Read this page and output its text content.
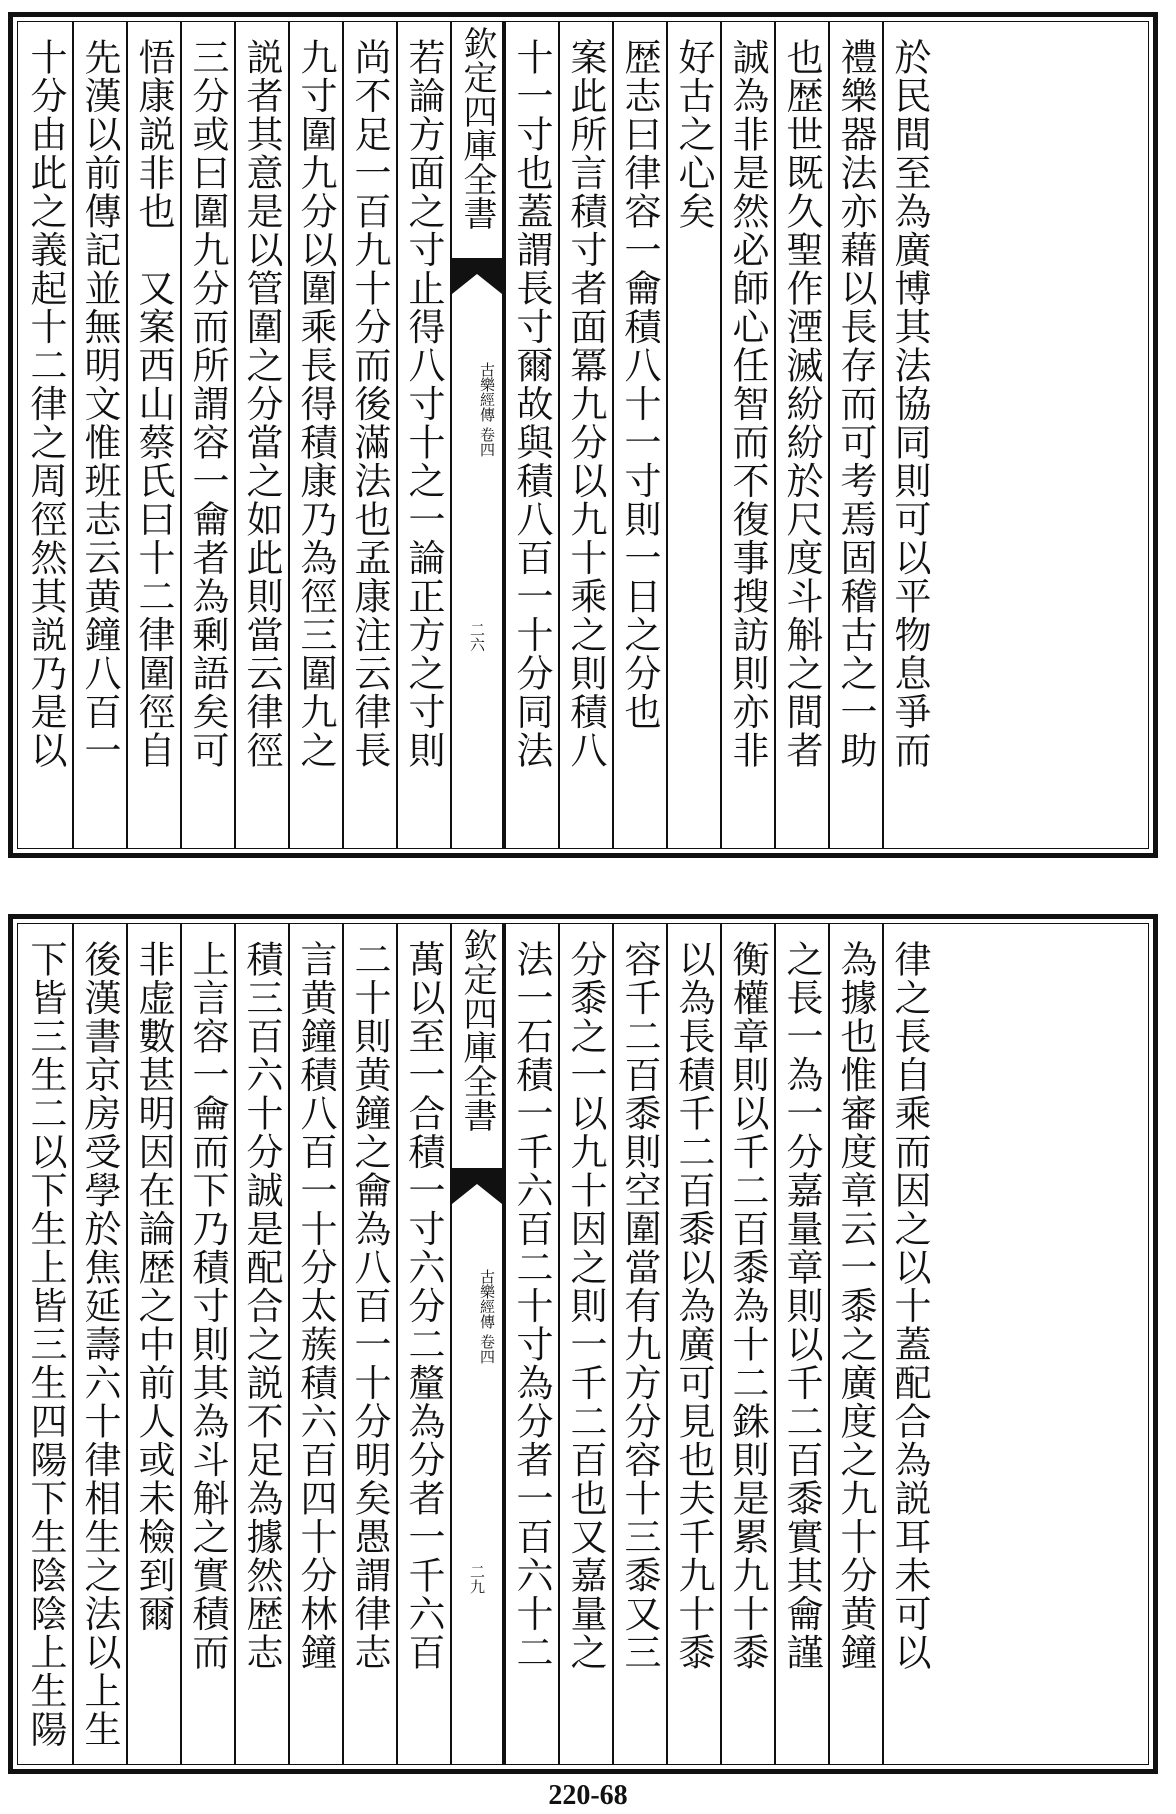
十分由此之義起十二律之周徑然其説乃是以 先漢以前傳記並無明文惟班志云黄鐘八百一 悟康説非也　又案西山蔡氏曰十二律圍徑自 三分或曰圍九分而所謂容一龠者為剰語矣可 説者其意是以管圍之分當之如此則當云律徑 九寸圍九分以圍乘長得積康乃為徑三圍九之 尚不足一百九十分而後滿法也孟康注云律長 若論方面之寸止得八寸十之一論正方之寸則 欽定四庫全書
古樂經傳 卷四
二六 十一寸也蓋謂長寸爾故與積八百一十分同法 案此所言積寸者面冪九分以九十乘之則積八 歴志曰律容一龠積八十一寸則一日之分也 好古之心矣 誠為非是然必師心任智而不復事搜訪則亦非 也歴世既久聖作湮滅紛紛於尺度斗斛之間者 禮樂器法亦藉以長存而可考焉固稽古之一助 於民間至為廣博其法協同則可以平物息爭而
下皆三生二以下生上皆三生四陽下生陰陰上生陽 後漢書京房受學於焦延壽六十律相生之法以上生 非虚數甚明因在論歴之中前人或未檢到爾 上言容一龠而下乃積寸則其為斗斛之實積而 積三百六十分誠是配合之説不足為據然歴志 言黄鐘積八百一十分太蔟積六百四十分林鐘 二十則黄鐘之龠為八百一十分明矣愚謂律志 萬以至一合積一寸六分二釐為分者一千六百 欽定四庫全書
古樂經傳 卷四
二九 法一石積一千六百二十寸為分者一百六十二 分黍之一以九十因之則一千二百也又嘉量之 容千二百黍則空圍當有九方分容十三黍又三 以為長積千二百黍以為廣可見也夫千九十黍 衡權章則以千二百黍為十二銖則是累九十黍 之長一為一分嘉量章則以千二百黍實其龠謹 為據也惟審度章云一黍之廣度之九十分黄鐘 律之長自乘而因之以十蓋配合為説耳未可以
220-68
